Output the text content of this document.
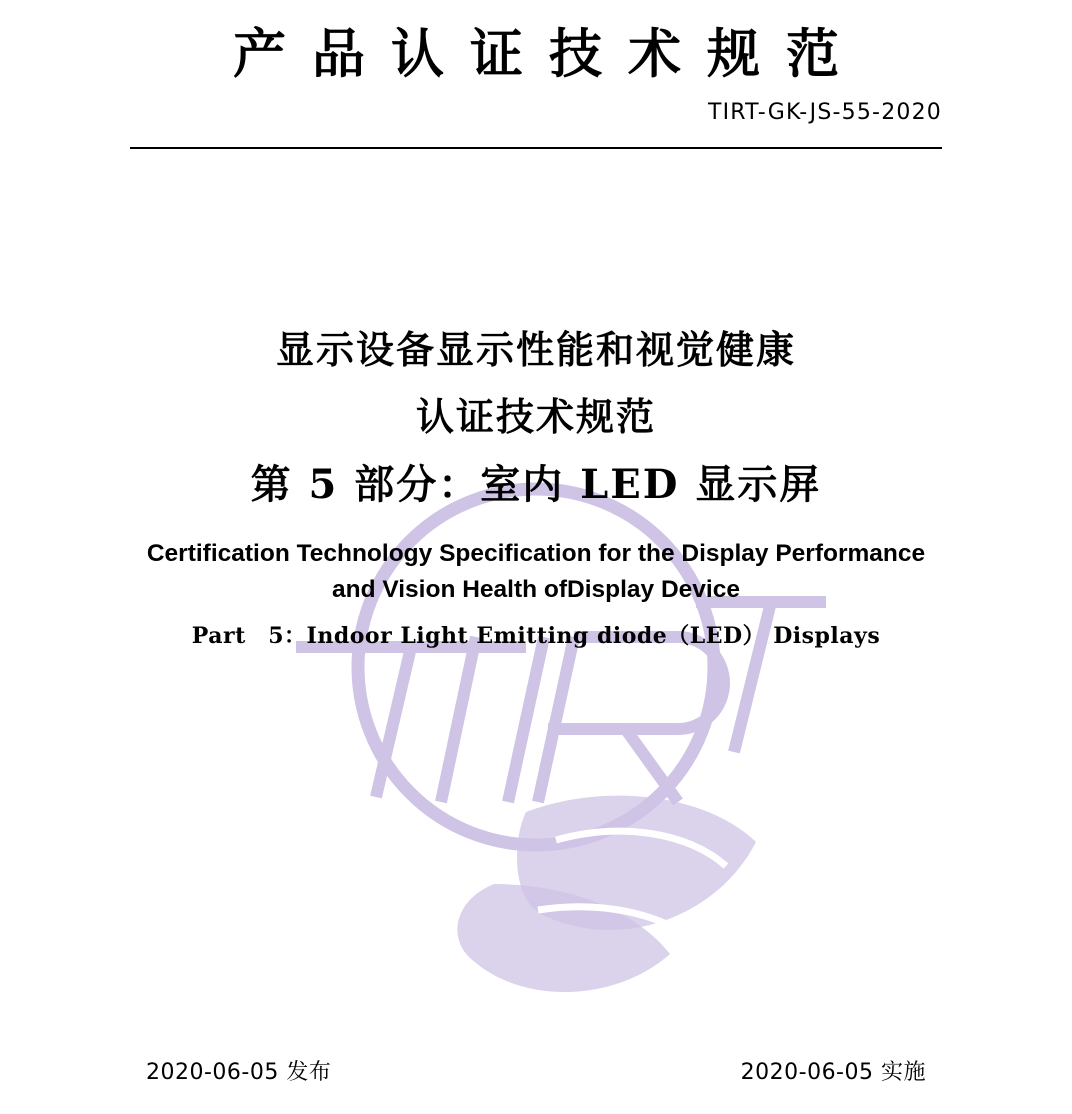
产品认证技术规范
TIRT-GK-JS-55-2020
显示设备显示性能和视觉健康
认证技术规范
第 5 部分：室内 LED 显示屏
Certification Technology Specification for the Display Performance
and Vision Health ofDisplay Device
Part　5：Indoor Light Emitting diode（LED） Displays
2020-06-05 发布	2020-06-05 实施
